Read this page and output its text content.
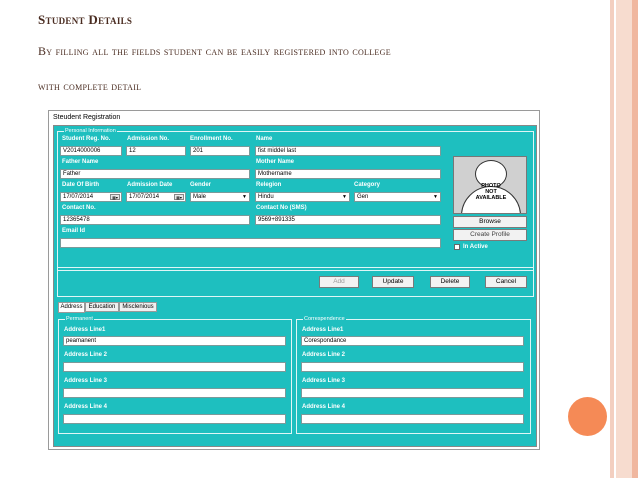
Student Details
By filling all the fields student can be easily registered into college
with complete detail
Steudent Registration
Personal Information
Student Reg. No.	Admission No.	Enrollment No.	Name
V2014000006	12	201	fist middel last
Father Name	Mother Name
Father	Mothername
Date Of Birth	Admission Date	Gender	Relegion	Category
17/07/2014	▦▾	17/07/2014	▦▾	Male ▼	Hindu ▼	Gen ▼
Contact No.	Contact No (SMS)
12365478	9569+891335
Email Id
PHOTO
NOT
AVAILABLE
Browse
Create Profile
In Active
Add	Update	Delete	Cancel
Address	Education	Misclenious
Permanent	Correspendence
Address Line1
peamanent
Address Line 2
Address Line 3
Address Line 4
Address Line1
Corespondance
Address Line 2
Address Line 3
Address Line 4
